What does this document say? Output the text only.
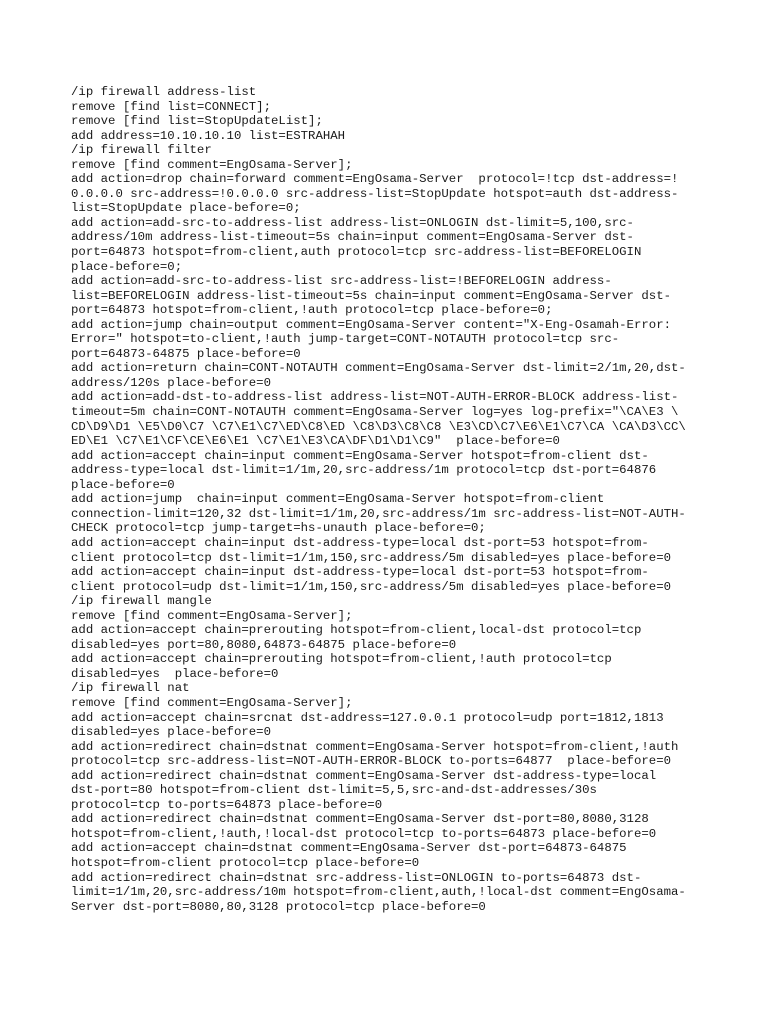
/ip firewall address-list
remove [find list=CONNECT];
remove [find list=StopUpdateList];
add address=10.10.10.10 list=ESTRAHAH
/ip firewall filter
remove [find comment=EngOsama-Server];
add action=drop chain=forward comment=EngOsama-Server  protocol=!tcp dst-address=!
0.0.0.0 src-address=!0.0.0.0 src-address-list=StopUpdate hotspot=auth dst-address-
list=StopUpdate place-before=0;
add action=add-src-to-address-list address-list=ONLOGIN dst-limit=5,100,src-
address/10m address-list-timeout=5s chain=input comment=EngOsama-Server dst-
port=64873 hotspot=from-client,auth protocol=tcp src-address-list=BEFORELOGIN
place-before=0;
add action=add-src-to-address-list src-address-list=!BEFORELOGIN address-
list=BEFORELOGIN address-list-timeout=5s chain=input comment=EngOsama-Server dst-
port=64873 hotspot=from-client,!auth protocol=tcp place-before=0;
add action=jump chain=output comment=EngOsama-Server content="X-Eng-Osamah-Error:
Error=" hotspot=to-client,!auth jump-target=CONT-NOTAUTH protocol=tcp src-
port=64873-64875 place-before=0
add action=return chain=CONT-NOTAUTH comment=EngOsama-Server dst-limit=2/1m,20,dst-
address/120s place-before=0
add action=add-dst-to-address-list address-list=NOT-AUTH-ERROR-BLOCK address-list-
timeout=5m chain=CONT-NOTAUTH comment=EngOsama-Server log=yes log-prefix="\CA\E3 \
CD\D9\D1 \E5\D0\C7 \C7\E1\C7\ED\C8\ED \C8\D3\C8\C8 \E3\CD\C7\E6\E1\C7\CA \CA\D3\CC\
ED\E1 \C7\E1\CF\CE\E6\E1 \C7\E1\E3\CA\DF\D1\D1\C9"  place-before=0
add action=accept chain=input comment=EngOsama-Server hotspot=from-client dst-
address-type=local dst-limit=1/1m,20,src-address/1m protocol=tcp dst-port=64876
place-before=0
add action=jump  chain=input comment=EngOsama-Server hotspot=from-client
connection-limit=120,32 dst-limit=1/1m,20,src-address/1m src-address-list=NOT-AUTH-
CHECK protocol=tcp jump-target=hs-unauth place-before=0;
add action=accept chain=input dst-address-type=local dst-port=53 hotspot=from-
client protocol=tcp dst-limit=1/1m,150,src-address/5m disabled=yes place-before=0
add action=accept chain=input dst-address-type=local dst-port=53 hotspot=from-
client protocol=udp dst-limit=1/1m,150,src-address/5m disabled=yes place-before=0
/ip firewall mangle
remove [find comment=EngOsama-Server];
add action=accept chain=prerouting hotspot=from-client,local-dst protocol=tcp
disabled=yes port=80,8080,64873-64875 place-before=0
add action=accept chain=prerouting hotspot=from-client,!auth protocol=tcp
disabled=yes  place-before=0
/ip firewall nat
remove [find comment=EngOsama-Server];
add action=accept chain=srcnat dst-address=127.0.0.1 protocol=udp port=1812,1813
disabled=yes place-before=0
add action=redirect chain=dstnat comment=EngOsama-Server hotspot=from-client,!auth
protocol=tcp src-address-list=NOT-AUTH-ERROR-BLOCK to-ports=64877  place-before=0
add action=redirect chain=dstnat comment=EngOsama-Server dst-address-type=local
dst-port=80 hotspot=from-client dst-limit=5,5,src-and-dst-addresses/30s
protocol=tcp to-ports=64873 place-before=0
add action=redirect chain=dstnat comment=EngOsama-Server dst-port=80,8080,3128
hotspot=from-client,!auth,!local-dst protocol=tcp to-ports=64873 place-before=0
add action=accept chain=dstnat comment=EngOsama-Server dst-port=64873-64875
hotspot=from-client protocol=tcp place-before=0
add action=redirect chain=dstnat src-address-list=ONLOGIN to-ports=64873 dst-
limit=1/1m,20,src-address/10m hotspot=from-client,auth,!local-dst comment=EngOsama-
Server dst-port=8080,80,3128 protocol=tcp place-before=0
